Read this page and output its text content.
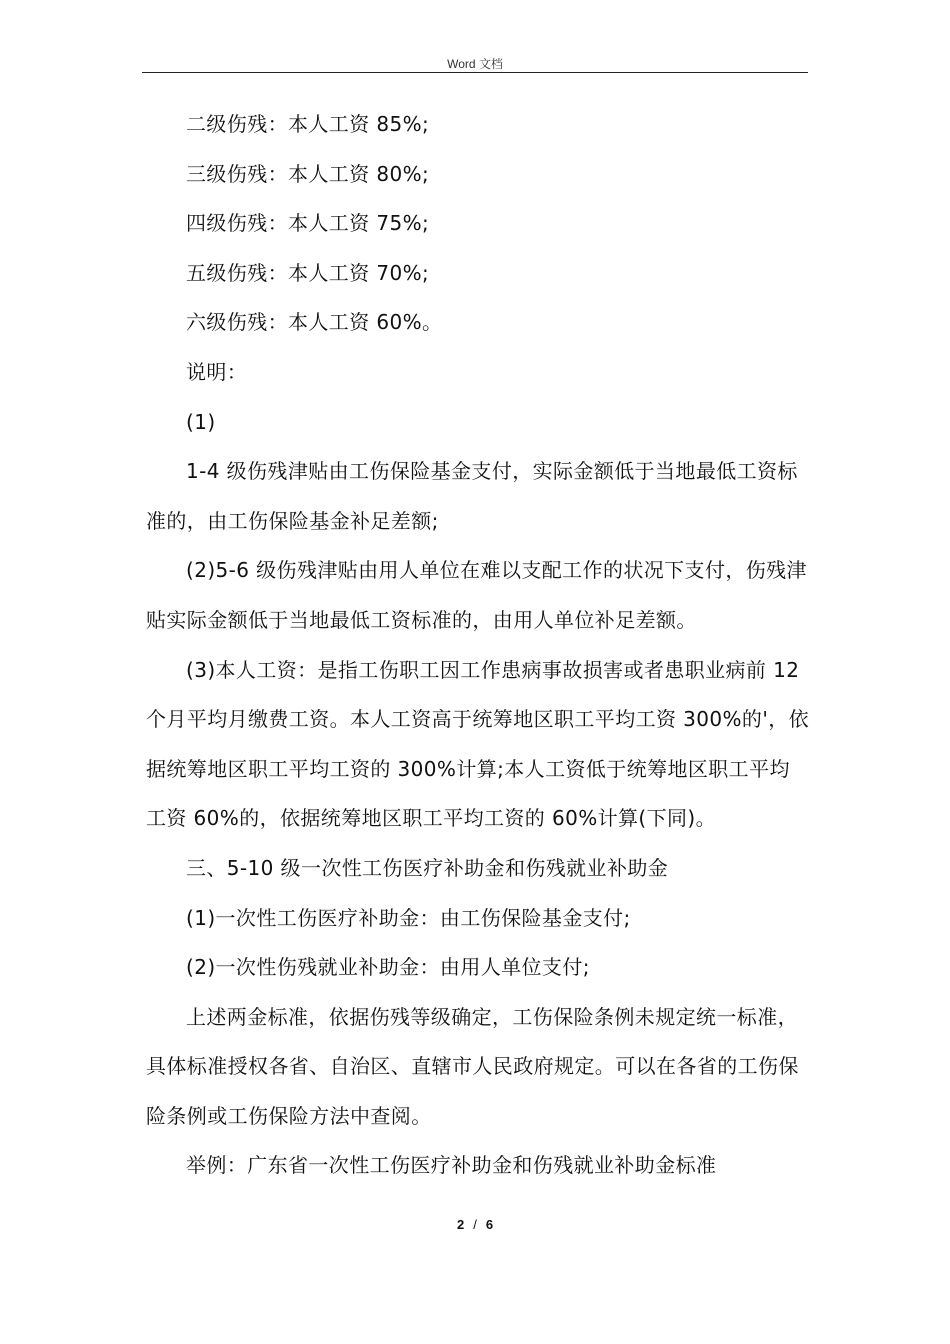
Word 文档

二级伤残：本人工资 85%;

三级伤残：本人工资 80%;

四级伤残：本人工资 75%;

五级伤残：本人工资 70%;

六级伤残：本人工资 60%。

说明：

(1)

1-4 级伤残津贴由工伤保险基金支付，实际金额低于当地最低工资标准的，由工伤保险基金补足差额;

(2)5-6 级伤残津贴由用人单位在难以支配工作的状况下支付，伤残津贴实际金额低于当地最低工资标准的，由用人单位补足差额。

(3)本人工资：是指工伤职工因工作患病事故损害或者患职业病前 12 个月平均月缴费工资。本人工资高于统筹地区职工平均工资 300%的'，依据统筹地区职工平均工资的 300%计算;本人工资低于统筹地区职工平均工资 60%的，依据统筹地区职工平均工资的 60%计算(下同)。

三、5-10 级一次性工伤医疗补助金和伤残就业补助金

(1)一次性工伤医疗补助金：由工伤保险基金支付;

(2)一次性伤残就业补助金：由用人单位支付;

上述两金标准，依据伤残等级确定，工伤保险条例未规定统一标准，具体标准授权各省、自治区、直辖市人民政府规定。可以在各省的工伤保险条例或工伤保险方法中查阅。

举例：广东省一次性工伤医疗补助金和伤残就业补助金标准

2 / 6
